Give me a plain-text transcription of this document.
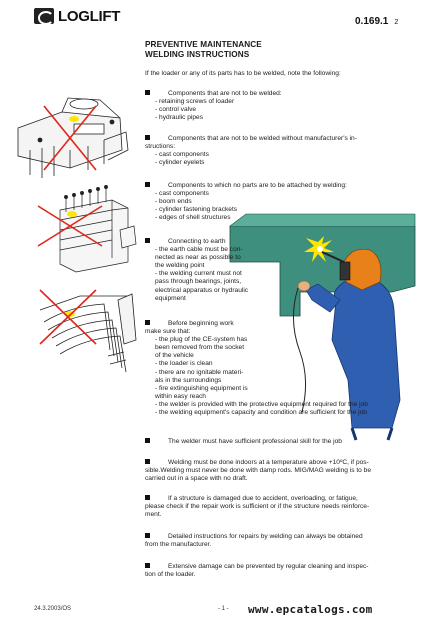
LOGLIFT	0.169.1 2
PREVENTIVE MAINTENANCE
WELDING INSTRUCTIONS
If the loader or any of its parts has to be welded, note the following:
Components that are not to be welded:
- retaining screws of loader
- control valve
- hydraulic pipes
Components that are not to be welded without manufacturer's in-
structions:
- cast components
- cylinder eyelets
Components to which no parts are to be attached by welding:
- cast components
- boom ends
- cylinder fastening brackets
- edges of shell structures
Connecting to earth
- the earth cable must be con-
nected as near as possible to
the welding point
- the welding current must not
pass through bearings, joints,
electrical apparatus or hydraulic
equipment
Before beginning work
make sure that:
- the plug of the CE-system has
been removed from the socket
of the vehicle
- the loader is clean
- there are no ignitable materi-
als in the surroundings
- fire extinguishing equipment is
within easy reach
- the welder is provided with the protective equipment required for the job
- the welding equipment's capacity and condition are sufficient for the job
The welder must have sufficient professional skill for the job
Welding must be done indoors at a temperature above +10ºC, if pos-
sible.Welding must never be done with damp rods. MIG/MAG welding is to be
carried out in a space with no draft.
If a structure is damaged due to accident, overloading, or fatigue,
please check if the repair work is sufficient or if the structure needs reinforce-
ment.
Detailed instructions for repairs by welding can always be obtained
from the manufacturer.
Extensive damage can be prevented by regular cleaning and inspec-
tion of the loader.
24.3.2003/OS	- 1 - www.epcatalogs.com
